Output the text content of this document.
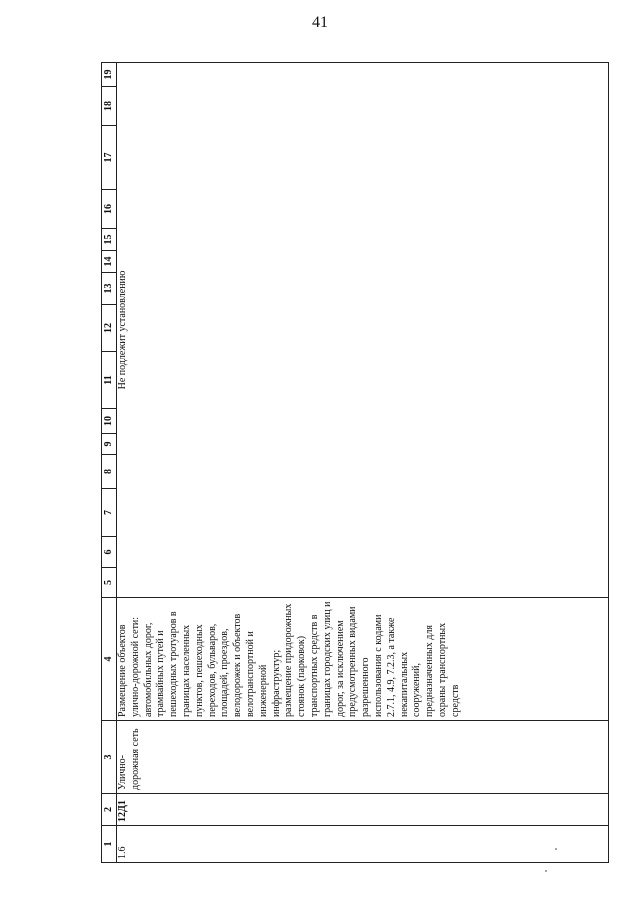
41
1	2	3	4	5	6	7	8	9	10	11	12	13	14	15	16	17	18	19
1.6	12Д1	Улично-дорожная сеть	Размещение объектов улично-дорожной сети: автомобильных дорог, трамвайных путей и пешеходных тротуаров в границах населенных пунктов, пешеходных переходов, бульваров, площадей, проездов, велодорожек и объектов велотранспортной и инженерной инфраструктур; размещение придорожных стоянок (парковок) транспортных средств в границах городских улиц и дорог, за исключением предусмотренных видами разрешенного использования с кодами 2.7.1, 4.9, 7.2.3, а также некапитальных сооружений, предназначенных для охраны транспортных средств	Не подлежит установлению														
